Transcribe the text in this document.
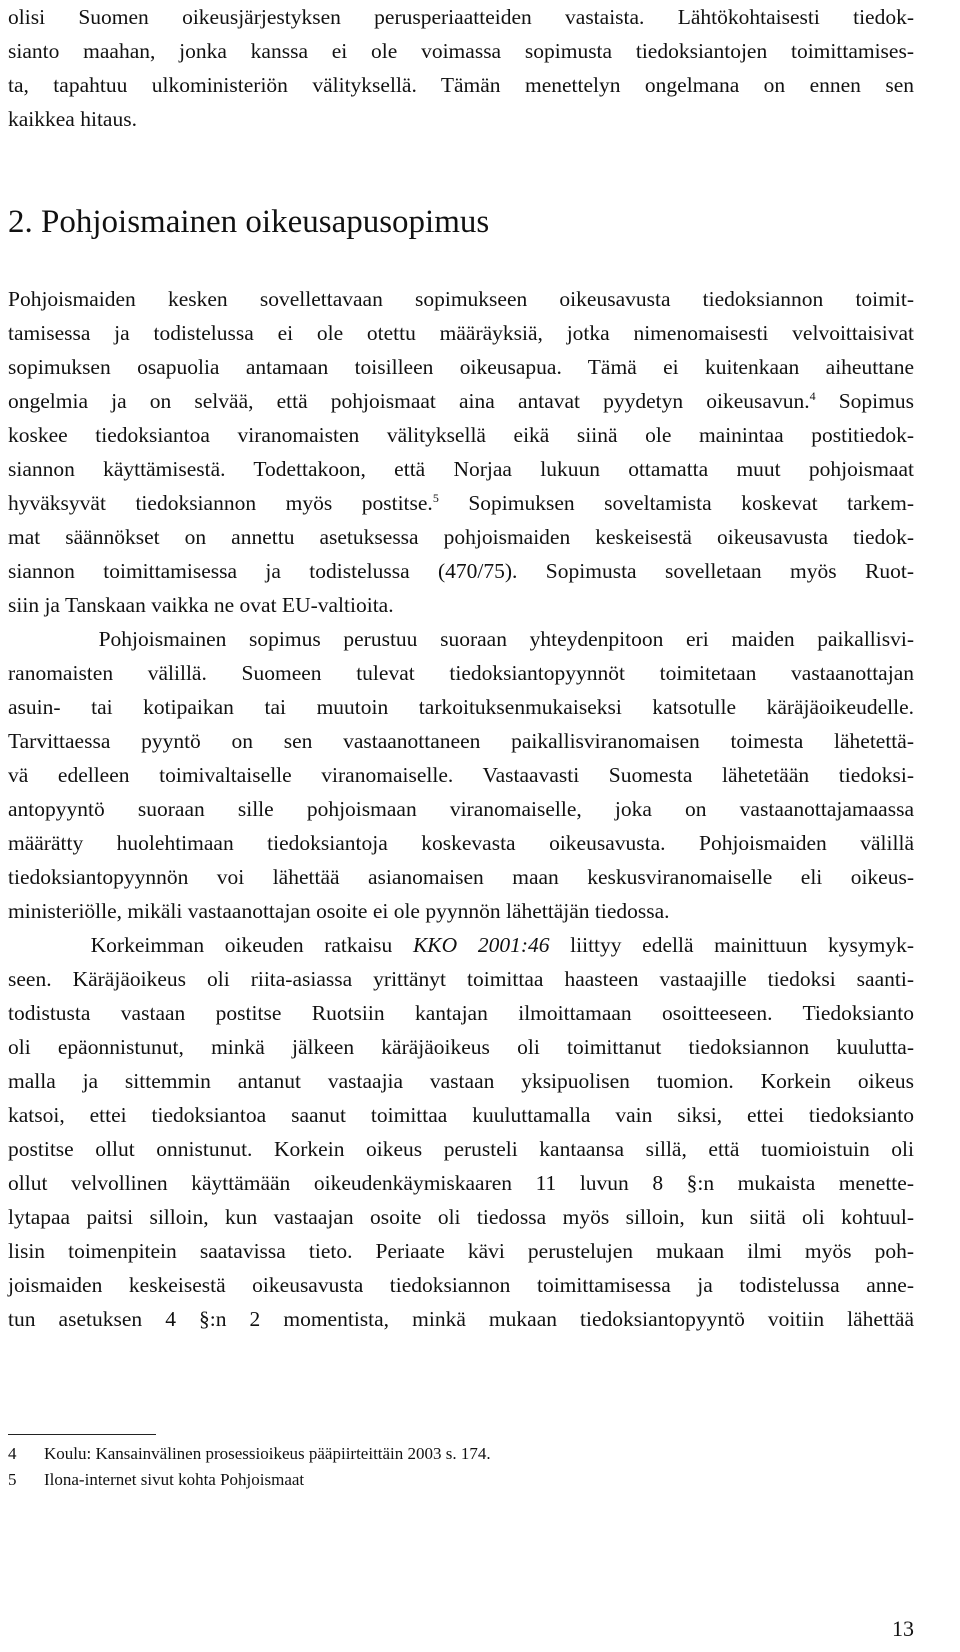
olisi Suomen oikeusjärjestyksen perusperiaatteiden vastaista. Lähtökohtaisesti tiedok-
sianto maahan, jonka kanssa ei ole voimassa sopimusta tiedoksiantojen toimittamises-
ta, tapahtuu ulkoministeriön välityksellä. Tämän menettelyn ongelmana on ennen sen
kaikkea hitaus.
2. Pohjoismainen oikeusapusopimus
Pohjoismaiden kesken sovellettavaan sopimukseen oikeusavusta tiedoksiannon toimit-
tamisessa ja todistelussa ei ole otettu määräyksiä, jotka nimenomaisesti velvoittaisivat
sopimuksen osapuolia antamaan toisilleen oikeusapua. Tämä ei kuitenkaan aiheuttane
ongelmia ja on selvää, että pohjoismaat aina antavat pyydetyn oikeusavun.$^4$ Sopimus
koskee tiedoksiantoa viranomaisten välityksellä eikä siinä ole mainintaa postitiedok-
siannon käyttämisestä. Todettakoon, että Norjaa lukuun ottamatta muut pohjoismaat
hyväksyvät tiedoksiannon myös postitse.$^5$ Sopimuksen soveltamista koskevat tarkem-
mat säännökset on annettu asetuksessa pohjoismaiden keskeisestä oikeusavusta tiedok-
siannon toimittamisessa ja todistelussa (470/75). Sopimusta sovelletaan myös Ruot-
siin ja Tanskaan vaikka ne ovat EU-valtioita.
Pohjoismainen sopimus perustuu suoraan yhteydenpitoon eri maiden paikallisvi-
ranomaisten välillä. Suomeen tulevat tiedoksiantopyynnöt toimitetaan vastaanottajan
asuin- tai kotipaikan tai muutoin tarkoituksenmukaiseksi katsotulle käräjäoikeudelle.
Tarvittaessa pyyntö on sen vastaanottaneen paikallisviranomaisen toimesta lähetettä-
vä edelleen toimivaltaiselle viranomaiselle. Vastaavasti Suomesta lähetetään tiedoksi-
antopyyntö suoraan sille pohjoismaan viranomaiselle, joka on vastaanottajamaassa
määrätty huolehtimaan tiedoksiantoja koskevasta oikeusavusta. Pohjoismaiden välillä
tiedoksiantopyynnön voi lähettää asianomaisen maan keskusviranomaiselle eli oikeus-
ministeriölle, mikäli vastaanottajan osoite ei ole pyynnön lähettäjän tiedossa.
Korkeimman oikeuden ratkaisu KKO 2001:46 liittyy edellä mainittuun kysymyk-
seen. Käräjäoikeus oli riita-asiassa yrittänyt toimittaa haasteen vastaajille tiedoksi saanti-
todistusta vastaan postitse Ruotsiin kantajan ilmoittamaan osoitteeseen. Tiedoksianto
oli epäonnistunut, minkä jälkeen käräjäoikeus oli toimittanut tiedoksiannon kuulutta-
malla ja sittemmin antanut vastaajia vastaan yksipuolisen tuomion. Korkein oikeus
katsoi, ettei tiedoksiantoa saanut toimittaa kuuluttamalla vain siksi, ettei tiedoksianto
postitse ollut onnistunut. Korkein oikeus perusteli kantaansa sillä, että tuomioistuin oli
ollut velvollinen käyttämään oikeudenkäymiskaaren 11 luvun 8 §:n mukaista menette-
lytapaa paitsi silloin, kun vastaajan osoite oli tiedossa myös silloin, kun siitä oli kohtuul-
lisin toimenpitein saatavissa tieto. Periaate kävi perustelujen mukaan ilmi myös poh-
joismaiden keskeisestä oikeusavusta tiedoksiannon toimittamisessa ja todistelussa anne-
tun asetuksen 4 §:n 2 momentista, minkä mukaan tiedoksiantopyyntö voitiin lähettää
4 Koulu: Kansainvälinen prosessioikeus pääpiirteittäin 2003 s. 174.
5 Ilona-internet sivut kohta Pohjoismaat
13
